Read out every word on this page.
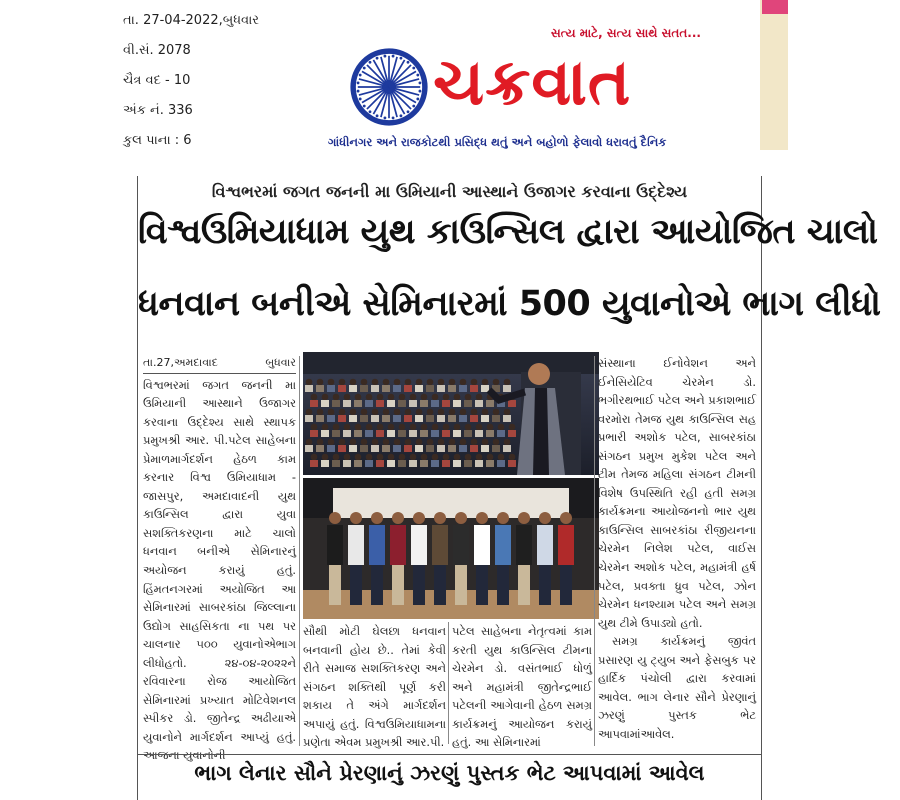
તા. 27-04-2022,બુધવાર
વી.સં. 2078
ચૈત્ર વદ - 10
અંક નં. 336
કુલ પાના : 6
સત્ય માટે, સત્ય સાથે સતત...
ચક્રવાત
ગાંધીનગર અને રાજકોટથી પ્રસિદ્ધ થતું અને બહોળો ફેલાવો ધરાવતું દૈનિક
વિશ્વભરમાં જગત જનની મા ઉમિયાની આસ્થાને ઉજાગર કરવાના ઉદ્દેશ્ય
વિશ્વઉમિયાધામ યુથ કાઉન્સિલ દ્વારા આયોજિત ચાલો
ધનવાન બનીએ સેમિનારમાં 500 યુવાનોએ ભાગ લીધો
તા.27,અમદાવાદ	બુધવાર

વિશ્વભરમાં જગત જનની મા ઉમિયાની આસ્થાને ઉજાગર કરવાના ઉદ્દેશ્ય સાથે સ્થાપક પ્રમુખશ્રી આર. પી.પટેલ સાહેબના પ્રેમાળમાર્ગદર્શન હેઠળ કામ કરનાર વિશ્વ ઉમિયાધામ - જાસપુર, અમદાવાદની યુથ કાઉન્સિલ દ્વારા યુવા સશક્તિકરણના માટે ચાલો ધનવાન બનીએ સેમિનારનું અયોજન કરાયું હતું. હિંમતનગરમાં અયોજિત આ સેમિનારમાં સાબરકાંઠા જિલ્લાના ઉદ્યોગ સાહસિકતા ના પથ પર ચાલનાર ૫૦૦ યુવાનોએભાગ લીધોહતો. ૨૪-૦૪-૨૦૨૨ને રવિવારના રોજ આયોજિત સેમિનારમાં પ્રખ્યાત મોટિવેશનલ સ્પીકર ડો. જીતેન્દ્ર અઢીયાએ યુવાનોને માર્ગદર્શન આપ્યું હતું. આજના યુવાનોની

સૌથી મોટી ઘેલછા ધનવાન બનવાની હોય છે.. તેમાં કેવી રીતે સમાજ સશક્તિકરણ અને સંગઠન શક્તિથી પૂર્ણ કરી શકાય તે અંગે માર્ગદર્શન અપાયું હતું. વિશ્વઉમિયાધામના પ્રણેતા એવમ પ્રમુખશ્રી આર.પી.

પટેલ સાહેબના નેતૃત્વમાં કામ કરતી યુથ કાઉન્સિલ ટીમના ચેરમેન ડો. વસંતભાઈ ધોળું અને મહામંત્રી જીતેન્દ્રભાઈ પટેલની આગેવાની હેઠળ સમગ્ર કાર્યક્રમનું આયોજન કરાયું હતું. આ સેમિનારમાં

સંસ્થાના ઈનોવેશન અને ઈનેસિયેટિવ ચેરમેન ડો. ભગીરથભાઈ પટેલ અને પ્રકાશભાઈ વરમોરા તેમજ યુથ કાઉન્સિલ સહ પ્રભારી અશોક પટેલ, સાબરકાંઠા સંગઠન પ્રમુખ મુકેશ પટેલ અને ટીમ તેમજ મહિલા સંગઠન ટીમની વિશેષ ઉપસ્થિતિ રહી હતી સમગ્ર કાર્યક્રમના આયોજનનો ભાર યુથ કાઉન્સિલ સાબરકાંઠા રીજીયનના ચેરમેન નિલેશ પટેલ, વાઈસ ચેરમેન અશોક પટેલ, મહામંત્રી હર્ષ પટેલ, પ્રવક્તા ધ્રુવ પટેલ, ઝોન ચેરમેન ધનશ્યામ પટેલ અને સમગ્ર યુથ ટીમે ઉપાડ્યો હતો.

સમગ્ર કાર્યક્રમનું જીવંત પ્રસારણ યુ ટ્યુબ અને ફેસબુક પર હાર્દિક પંચોલી દ્વારા કરવામાં આવેલ. ભાગ લેનાર સૌને પ્રેરણાનું ઝરણું પુસ્તક ભેટ આપવામાંઆવેલ.

ભાગ લેનાર સૌને પ્રેરણાનું ઝરણું પુસ્તક ભેટ આપવામાં આવેલ
